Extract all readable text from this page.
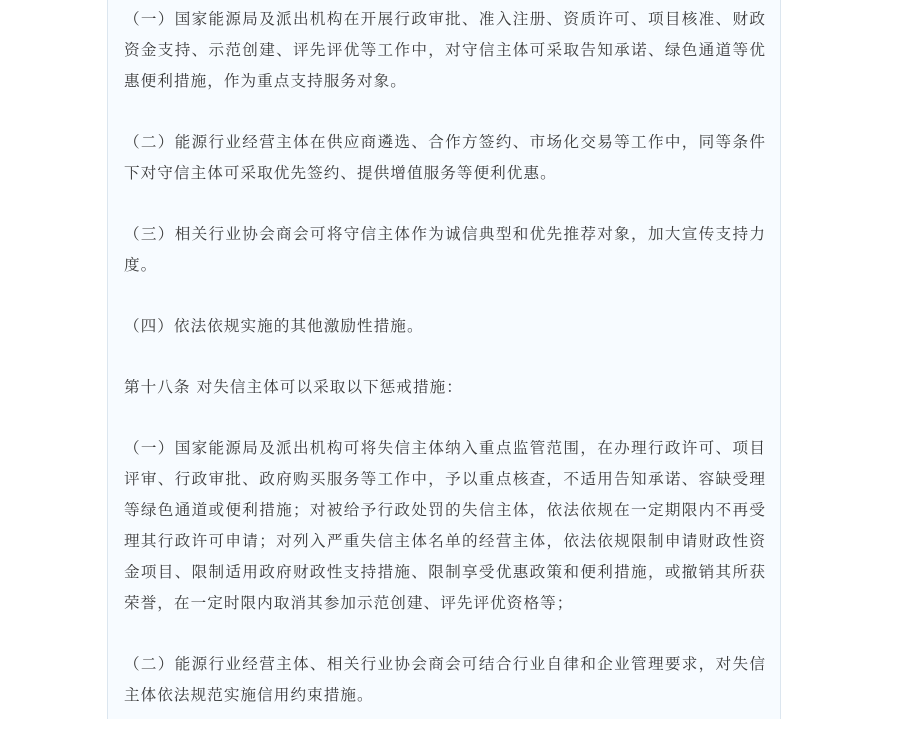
（一）国家能源局及派出机构在开展行政审批、准入注册、资质许可、项目核准、财政资金支持、示范创建、评先评优等工作中，对守信主体可采取告知承诺、绿色通道等优惠便利措施，作为重点支持服务对象。

（二）能源行业经营主体在供应商遴选、合作方签约、市场化交易等工作中，同等条件下对守信主体可采取优先签约、提供增值服务等便利优惠。

（三）相关行业协会商会可将守信主体作为诚信典型和优先推荐对象，加大宣传支持力度。

（四）依法依规实施的其他激励性措施。

第十八条 对失信主体可以采取以下惩戒措施：

（一）国家能源局及派出机构可将失信主体纳入重点监管范围，在办理行政许可、项目评审、行政审批、政府购买服务等工作中，予以重点核查，不适用告知承诺、容缺受理等绿色通道或便利措施；对被给予行政处罚的失信主体，依法依规在一定期限内不再受理其行政许可申请；对列入严重失信主体名单的经营主体，依法依规限制申请财政性资金项目、限制适用政府财政性支持措施、限制享受优惠政策和便利措施，或撤销其所获荣誉，在一定时限内取消其参加示范创建、评先评优资格等；

（二）能源行业经营主体、相关行业协会商会可结合行业自律和企业管理要求，对失信主体依法规范实施信用约束措施。
